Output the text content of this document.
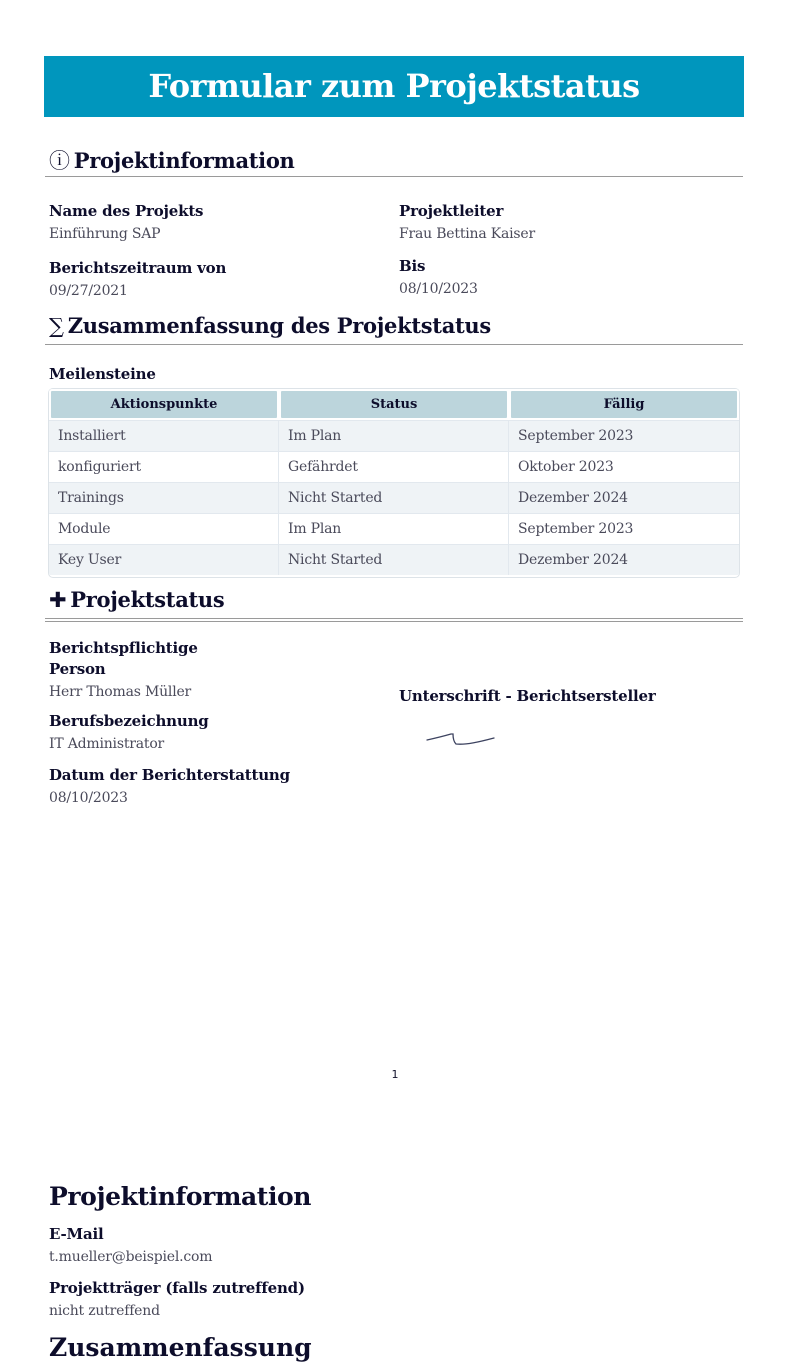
Formular zum Projektstatus
ⓘ Projektinformation
Name des Projekts
Einführung SAP
Projektleiter
Frau Bettina Kaiser
Berichtszeitraum von
09/27/2021
Bis
08/10/2023
∑ Zusammenfassung des Projektstatus
Meilensteine
Aktionspunkte	Status	Fällig
Installiert	Im Plan	September 2023
konfiguriert	Gefährdet	Oktober 2023
Trainings	Nicht Started	Dezember 2024
Module	Im Plan	September 2023
Key User	Nicht Started	Dezember 2024
✚ Projektstatus
Berichtspflichtige
Person
Herr Thomas Müller
Berufsbezeichnung
IT Administrator
Datum der Berichterstattung
08/10/2023
Unterschrift - Berichtsersteller
1
Projektinformation
E-Mail
t.mueller@beispiel.com
Projektträger (falls zutreffend)
nicht zutreffend
Zusammenfassung
